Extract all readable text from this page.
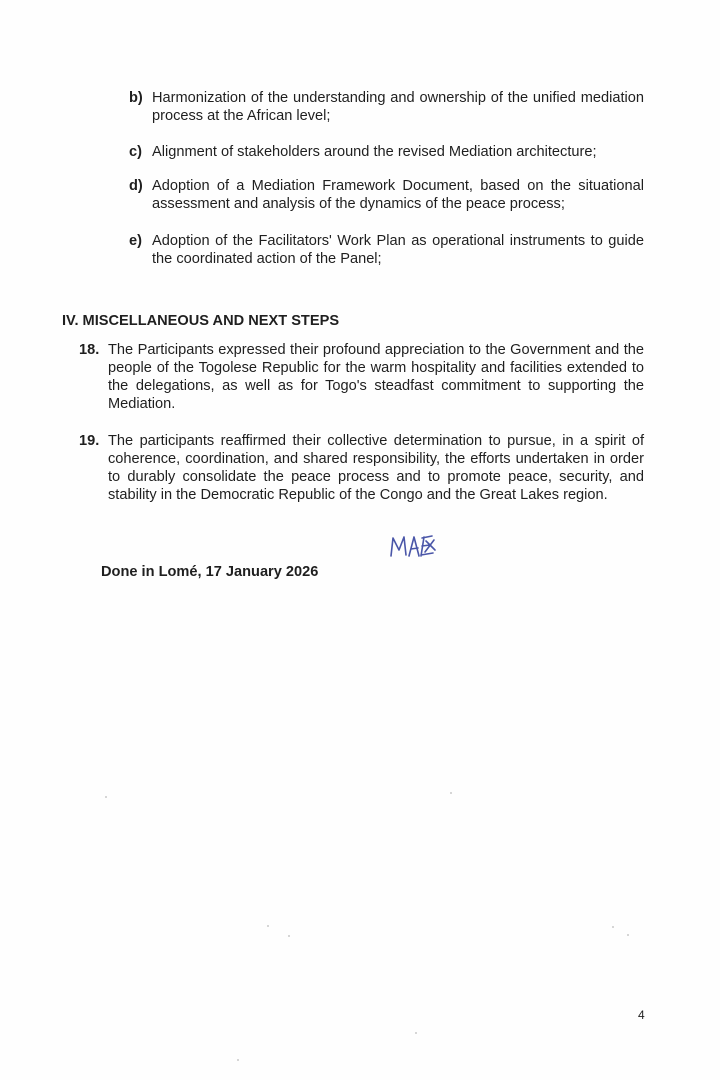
b) Harmonization of the understanding and ownership of the unified mediation process at the African level;
c) Alignment of stakeholders around the revised Mediation architecture;
d) Adoption of a Mediation Framework Document, based on the situational assessment and analysis of the dynamics of the peace process;
e) Adoption of the Facilitators' Work Plan as operational instruments to guide the coordinated action of the Panel;
IV. MISCELLANEOUS AND NEXT STEPS
18. The Participants expressed their profound appreciation to the Government and the people of the Togolese Republic for the warm hospitality and facilities extended to the delegations, as well as for Togo's steadfast commitment to supporting the Mediation.
19. The participants reaffirmed their collective determination to pursue, in a spirit of coherence, coordination, and shared responsibility, the efforts undertaken in order to durably consolidate the peace process and to promote peace, security, and stability in the Democratic Republic of the Congo and the Great Lakes region.
Done in Lomé, 17 January 2026
4
